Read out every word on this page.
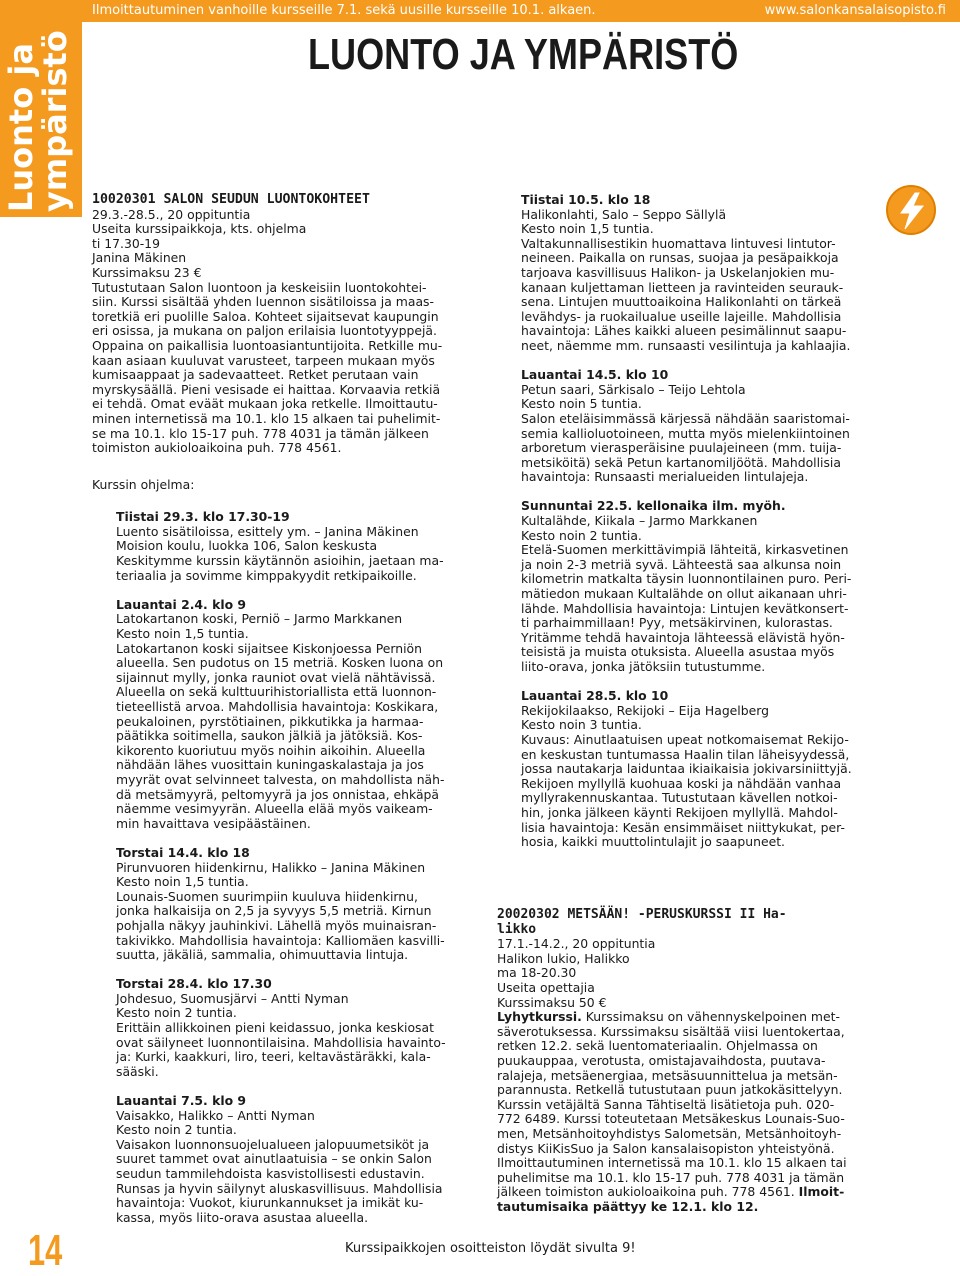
Ilmoittautuminen vanhoille kursseille 7.1. sekä uusille kursseille 10.1. alkaen.	www.salonkansalaisopisto.fi
Luonto ja
ympäristö	LUONTO JA YMPÄRISTÖ

10020301 SALON SEUDUN LUONTOKOHTEET

29.3.-28.5., 20 oppituntia

Useita kurssipaikkoja, kts. ohjelma

ti 17.30-19

Janina Mäkinen

Kurssimaksu 23 €

Tutustutaan Salon luontoon ja keskeisiin luontokohtei-

siin. Kurssi sisältää yhden luennon sisätiloissa ja maas-

toretkiä eri puolille Saloa. Kohteet sijaitsevat kaupungin

eri osissa, ja mukana on paljon erilaisia luontotyyppejä.

Oppaina on paikallisia luontoasiantuntijoita. Retkille mu-

kaan asiaan kuuluvat varusteet, tarpeen mukaan myös

kumisaappaat ja sadevaatteet. Retket perutaan vain

myrskysäällä. Pieni vesisade ei haittaa. Korvaavia retkiä

ei tehdä. Omat eväät mukaan joka retkelle. Ilmoittautu-

minen internetissä ma 10.1. klo 15 alkaen tai puhelimit-

se ma 10.1. klo 15-17 puh. 778 4031 ja tämän jälkeen

toimiston aukioloaikoina puh. 778 4561.

Kurssin ohjelma:

Tiistai 29.3. klo 17.30-19

Luento sisätiloissa, esittely ym. – Janina Mäkinen

Moision koulu, luokka 106, Salon keskusta

Keskitymme kurssin käytännön asioihin, jaetaan ma-

teriaalia ja sovimme kimppakyydit retkipaikoille.

Lauantai 2.4. klo 9

Latokartanon koski, Perniö – Jarmo Markkanen

Kesto noin 1,5 tuntia.

Latokartanon koski sijaitsee Kiskonjoessa Perniön

alueella. Sen pudotus on 15 metriä. Kosken luona on

sijainnut mylly, jonka rauniot ovat vielä nähtävissä.

Alueella on sekä kulttuurihistoriallista että luonnon-

tieteellistä arvoa. Mahdollisia havaintoja: Koskikara,

peukaloinen, pyrstötiainen, pikkutikka ja harmaa-

päätikka soitimella, saukon jälkiä ja jätöksiä. Kos-

kikorento kuoriutuu myös noihin aikoihin. Alueella

nähdään lähes vuosittain kuningaskalastaja ja jos

myyrät ovat selvinneet talvesta, on mahdollista näh-

dä metsämyyrä, peltomyyrä ja jos onnistaa, ehkäpä

näemme vesimyyrän. Alueella elää myös vaikeam-

min havaittava vesipäästäinen.

Torstai 14.4. klo 18

Pirunvuoren hiidenkirnu, Halikko – Janina Mäkinen

Kesto noin 1,5 tuntia.

Lounais-Suomen suurimpiin kuuluva hiidenkirnu,

jonka halkaisija on 2,5 ja syvyys 5,5 metriä. Kirnun

pohjalla näkyy jauhinkivi. Lähellä myös muinaisran-

takivikko. Mahdollisia havaintoja: Kalliomäen kasvilli-

suutta, jäkäliä, sammalia, ohimuuttavia lintuja.

Torstai 28.4. klo 17.30

Johdesuo, Suomusjärvi – Antti Nyman

Kesto noin 2 tuntia.

Erittäin allikkoinen pieni keidassuo, jonka keskiosat

ovat säilyneet luonnontilaisina. Mahdollisia havainto-

ja: Kurki, kaakkuri, liro, teeri, keltavästäräkki, kala-

sääski.

Lauantai 7.5. klo 9

Vaisakko, Halikko – Antti Nyman

Kesto noin 2 tuntia.

Vaisakon luonnonsuojelualueen jalopuumetsiköt ja

suuret tammet ovat ainutlaatuisia – se onkin Salon

seudun tammilehdoista kasvistollisesti edustavin.

Runsas ja hyvin säilynyt aluskasvillisuus. Mahdollisia

havaintoja: Vuokot, kiurunkannukset ja imikät ku-

kassa, myös liito-orava asustaa alueella.

Tiistai 10.5. klo 18

Halikonlahti, Salo – Seppo Sällylä

Kesto noin 1,5 tuntia.

Valtakunnallisestikin huomattava lintuvesi lintutor-

neineen. Paikalla on runsas, suojaa ja pesäpaikkoja

tarjoava kasvillisuus Halikon- ja Uskelanjokien mu-

kanaan kuljettaman lietteen ja ravinteiden seurauk-

sena. Lintujen muuttoaikoina Halikonlahti on tärkeä

levähdys- ja ruokailualue useille lajeille. Mahdollisia

havaintoja: Lähes kaikki alueen pesimälinnut saapu-

neet, näemme mm. runsaasti vesilintuja ja kahlaajia.

Lauantai 14.5. klo 10

Petun saari, Särkisalo – Teijo Lehtola

Kesto noin 5 tuntia.

Salon eteläisimmässä kärjessä nähdään saaristomai-

semia kallioluotoineen, mutta myös mielenkiintoinen

arboretum vierasperäisine puulajeineen (mm. tuija-

metsiköitä) sekä Petun kartanomiljöötä. Mahdollisia

havaintoja: Runsaasti merialueiden lintulajeja.

Sunnuntai 22.5. kellonaika ilm. myöh.

Kultalähde, Kiikala – Jarmo Markkanen

Kesto noin 2 tuntia.

Etelä-Suomen merkittävimpiä lähteitä, kirkasvetinen

ja noin 2-3 metriä syvä. Lähteestä saa alkunsa noin

kilometrin matkalta täysin luonnontilainen puro. Peri-

mätiedon mukaan Kultalähde on ollut aikanaan uhri-

lähde. Mahdollisia havaintoja: Lintujen kevätkonsert-

ti parhaimmillaan! Pyy, metsäkirvinen, kulorastas.

Yritämme tehdä havaintoja lähteessä elävistä hyön-

teisistä ja muista otuksista. Alueella asustaa myös

liito-orava, jonka jätöksiin tutustumme.

Lauantai 28.5. klo 10

Rekijokilaakso, Rekijoki – Eija Hagelberg

Kesto noin 3 tuntia.

Kuvaus: Ainutlaatuisen upeat notkomaisemat Rekijo-

en keskustan tuntumassa Haalin tilan läheisyydessä,

jossa nautakarja laiduntaa ikiaikaisia jokivarsiniittyjä.

Rekijoen myllyllä kuohuaa koski ja nähdään vanhaa

myllyrakennuskantaa. Tutustutaan kävellen notkoi-

hin, jonka jälkeen käynti Rekijoen myllyllä. Mahdol-

lisia havaintoja: Kesän ensimmäiset niittykukat, per-

hosia, kaikki muuttolintulajit jo saapuneet.

20020302 METSÄÄN! -PERUSKURSSI II Ha-

likko

17.1.-14.2., 20 oppituntia

Halikon lukio, Halikko

ma 18-20.30

Useita opettajia

Kurssimaksu 50 €

Lyhytkurssi. Kurssimaksu on vähennyskelpoinen met-

säverotuksessa. Kurssimaksu sisältää viisi luentokertaa,

retken 12.2. sekä luentomateriaalin. Ohjelmassa on

puukauppaa, verotusta, omistajavaihdosta, puutava-

ralajeja, metsäenergiaa, metsäsuunnittelua ja metsän-

parannusta. Retkellä tutustutaan puun jatkokäsittelyyn.

Kurssin vetäjältä Sanna Tähtiseltä lisätietoja puh. 020-

772 6489. Kurssi toteutetaan Metsäkeskus Lounais-Suo-

men, Metsänhoitoyhdistys Salometsän, Metsänhoitoyh-

distys KiiKisSuo ja Salon kansalaisopiston yhteistyönä.

Ilmoittautuminen internetissä ma 10.1. klo 15 alkaen tai

puhelimitse ma 10.1. klo 15-17 puh. 778 4031 ja tämän

jälkeen toimiston aukioloaikoina puh. 778 4561. Ilmoit-

tautumisaika päättyy ke 12.1. klo 12.

14	Kurssipaikkojen osoitteiston löydät sivulta 9!
